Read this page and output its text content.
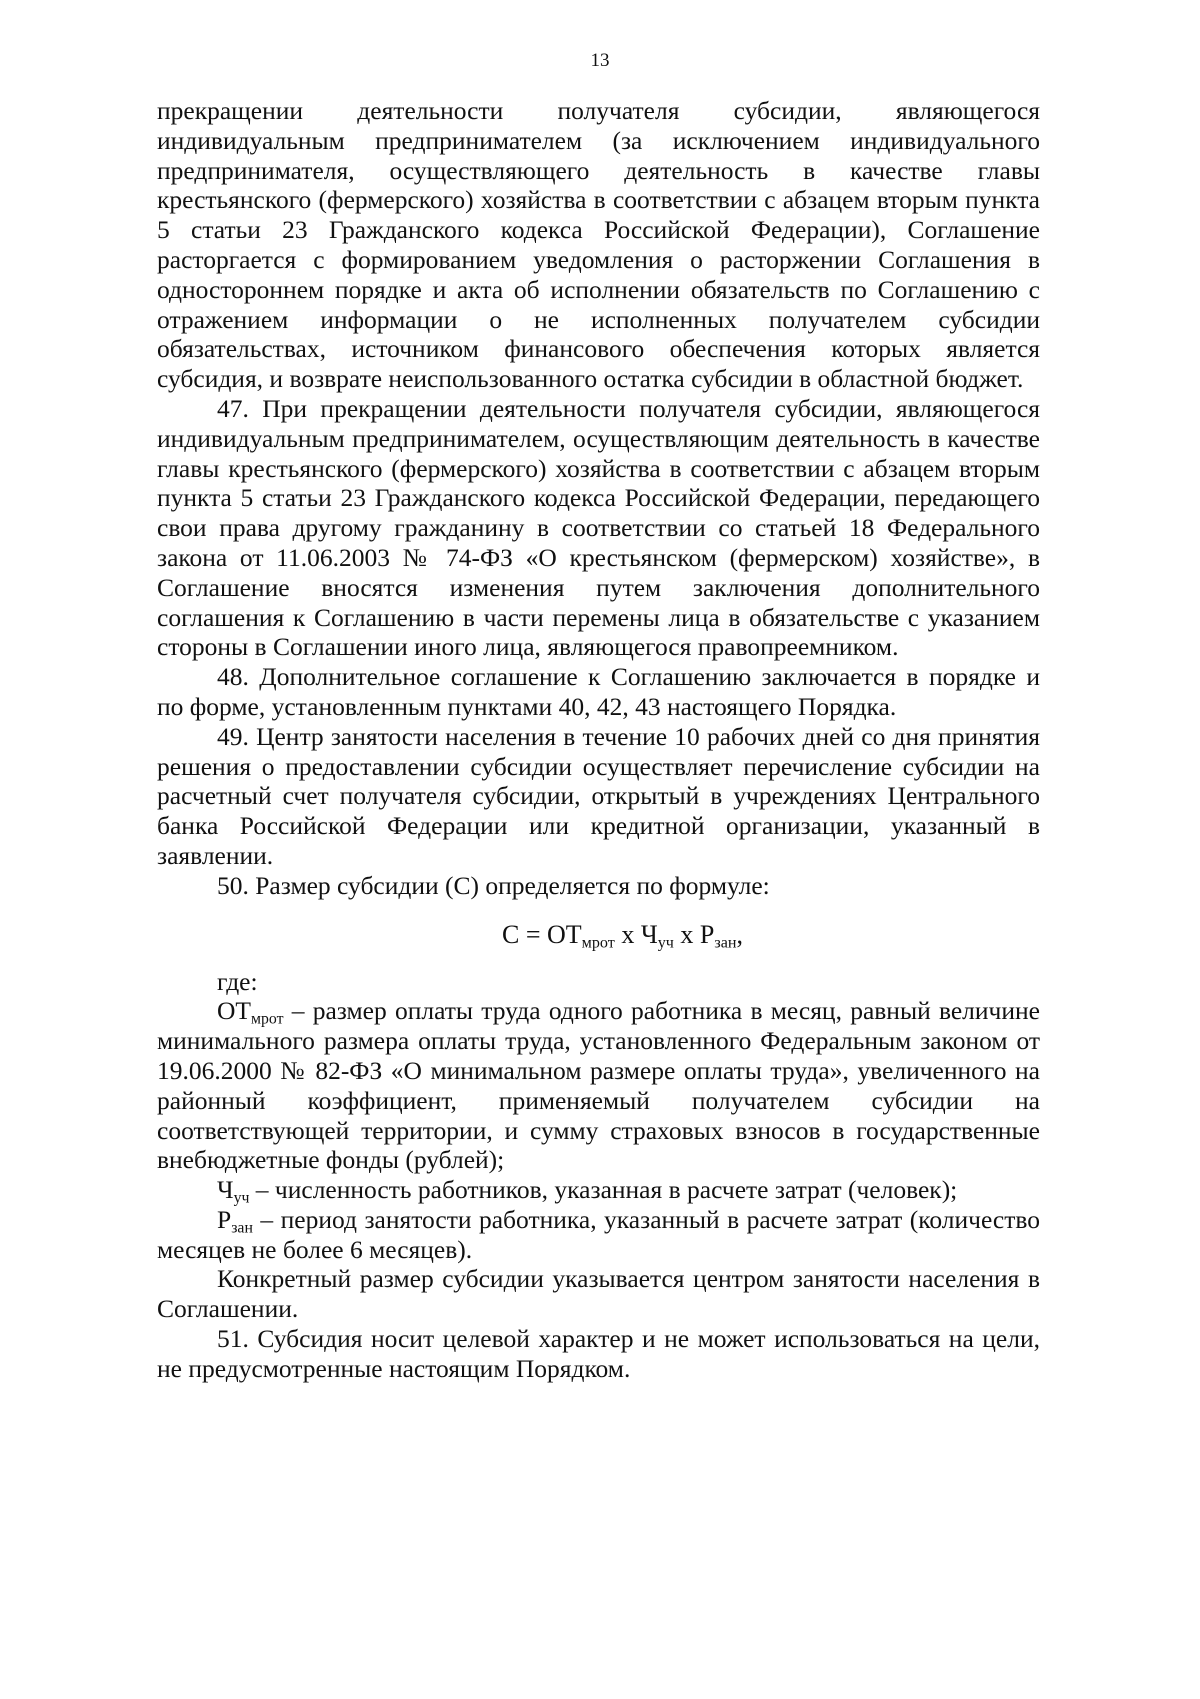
13

прекращении деятельности получателя субсидии, являющегося индивидуальным предпринимателем (за исключением индивидуального предпринимателя, осуществляющего деятельность в качестве главы крестьянского (фермерского) хозяйства в соответствии с абзацем вторым пункта 5 статьи 23 Гражданского кодекса Российской Федерации), Соглашение расторгается с формированием уведомления о расторжении Соглашения в одностороннем порядке и акта об исполнении обязательств по Соглашению с отражением информации о не исполненных получателем субсидии обязательствах, источником финансового обеспечения которых является субсидия, и возврате неиспользованного остатка субсидии в областной бюджет.

47. При прекращении деятельности получателя субсидии, являющегося индивидуальным предпринимателем, осуществляющим деятельность в качестве главы крестьянского (фермерского) хозяйства в соответствии с абзацем вторым пункта 5 статьи 23 Гражданского кодекса Российской Федерации, передающего свои права другому гражданину в соответствии со статьей 18 Федерального закона от 11.06.2003 № 74-ФЗ «О крестьянском (фермерском) хозяйстве», в Соглашение вносятся изменения путем заключения дополнительного соглашения к Соглашению в части перемены лица в обязательстве с указанием стороны в Соглашении иного лица, являющегося правопреемником.

48. Дополнительное соглашение к Соглашению заключается в порядке и по форме, установленным пунктами 40, 42, 43 настоящего Порядка.

49. Центр занятости населения в течение 10 рабочих дней со дня принятия решения о предоставлении субсидии осуществляет перечисление субсидии на расчетный счет получателя субсидии, открытый в учреждениях Центрального банка Российской Федерации или кредитной организации, указанный в заявлении.

50. Размер субсидии (С) определяется по формуле:

$С = ОТ_{мрот}$ х $Ч_{уч}$ х $Р_{зан}$,

где:

$ОТ_{мрот}$ – размер оплаты труда одного работника в месяц, равный величине минимального размера оплаты труда, установленного Федеральным законом от 19.06.2000 № 82-ФЗ «О минимальном размере оплаты труда», увеличенного на районный коэффициент, применяемый получателем субсидии на соответствующей территории, и сумму страховых взносов в государственные внебюджетные фонды (рублей);

$Ч_{уч}$ – численность работников, указанная в расчете затрат (человек);

$Р_{зан}$ – период занятости работника, указанный в расчете затрат (количество месяцев не более 6 месяцев).

Конкретный размер субсидии указывается центром занятости населения в Соглашении.

51. Субсидия носит целевой характер и не может использоваться на цели, не предусмотренные настоящим Порядком.
